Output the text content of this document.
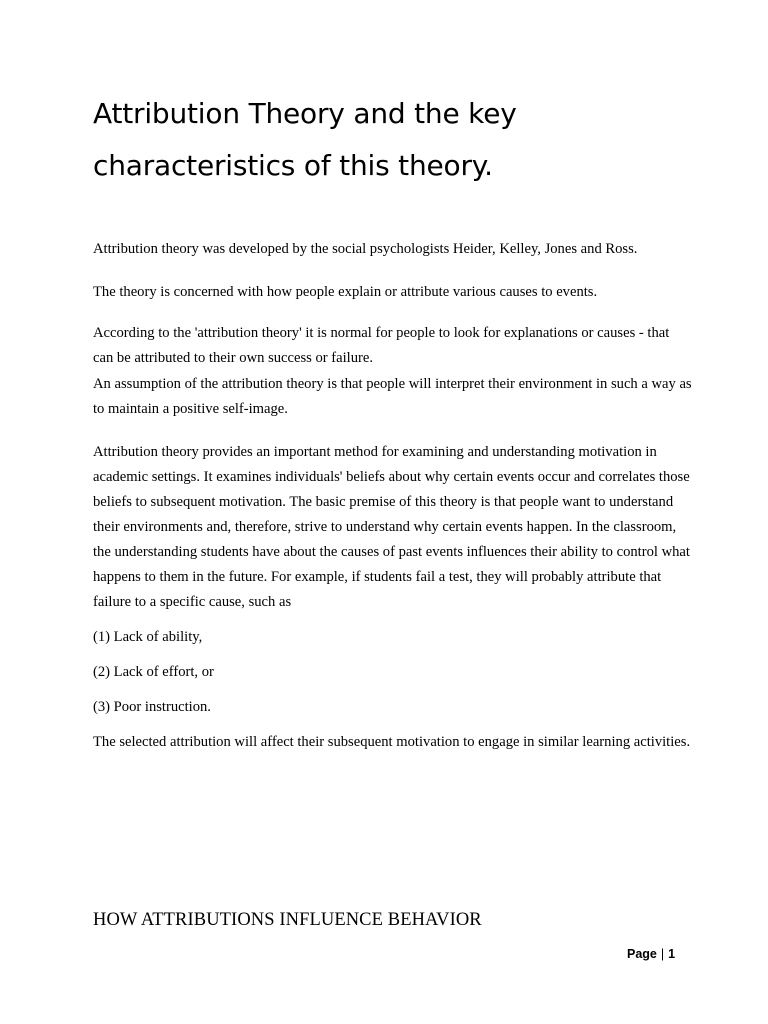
Attribution Theory and the key characteristics of this theory.

Attribution theory was developed by the social psychologists Heider, Kelley, Jones and Ross.

The theory is concerned with how people explain or attribute various causes to events.

According to the 'attribution theory' it is normal for people to look for explanations or causes - that can be attributed to their own success or failure.

An assumption of the attribution theory is that people will interpret their environment in such a way as to maintain a positive self-image.

Attribution theory provides an important method for examining and understanding motivation in academic settings. It examines individuals' beliefs about why certain events occur and correlates those beliefs to subsequent motivation. The basic premise of this theory is that people want to understand their environments and, therefore, strive to understand why certain events happen. In the classroom, the understanding students have about the causes of past events influences their ability to control what happens to them in the future. For example, if students fail a test, they will probably attribute that failure to a specific cause, such as

(1) Lack of ability,

(2) Lack of effort, or

(3) Poor instruction.

The selected attribution will affect their subsequent motivation to engage in similar learning activities.

HOW ATTRIBUTIONS INFLUENCE BEHAVIOR
Page | 1
